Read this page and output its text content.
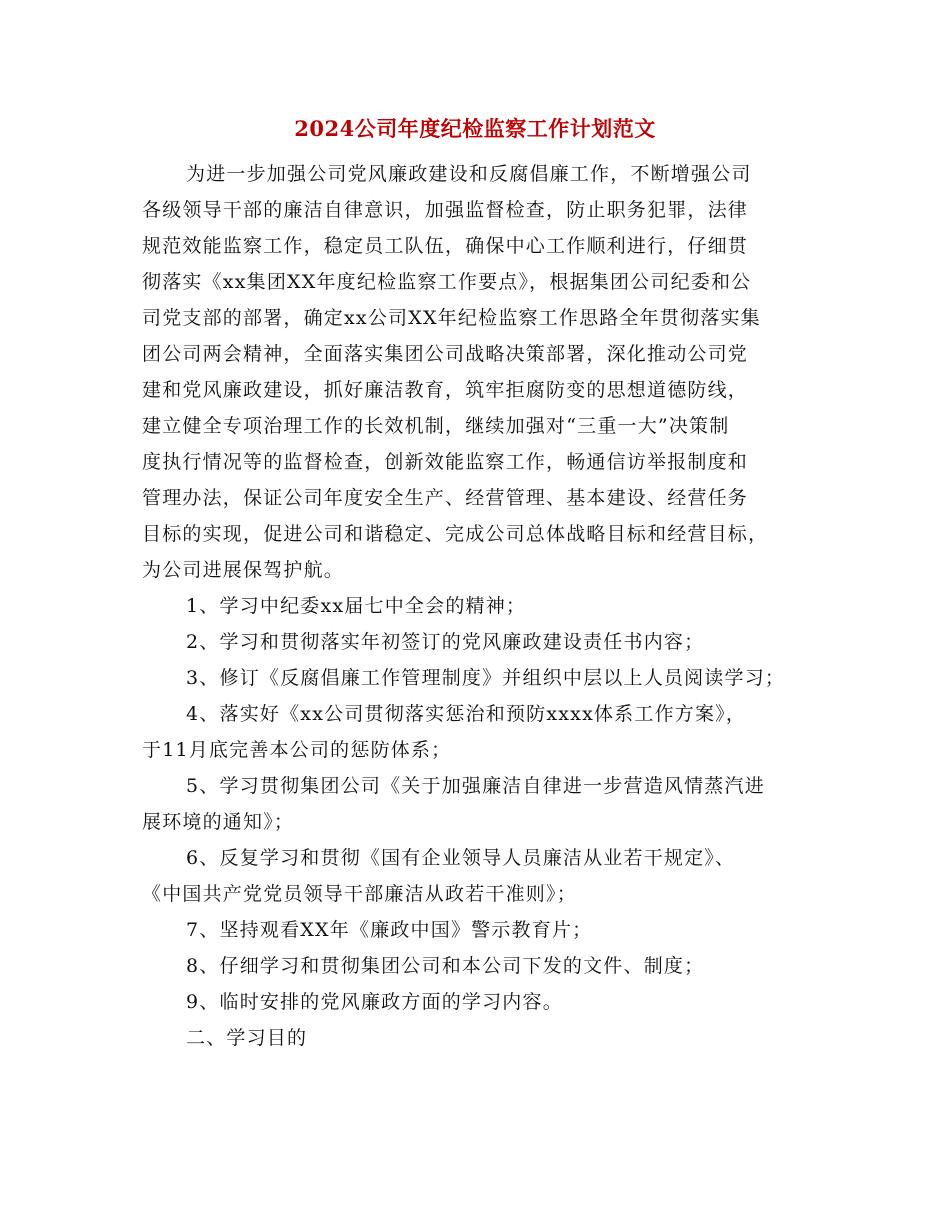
2024公司年度纪检监察工作计划范文
为进一步加强公司党风廉政建设和反腐倡廉工作，不断增强公司
各级领导干部的廉洁自律意识，加强监督检查，防止职务犯罪，法律
规范效能监察工作，稳定员工队伍，确保中心工作顺利进行，仔细贯
彻落实《xx集团XX年度纪检监察工作要点》，根据集团公司纪委和公
司党支部的部署，确定xx公司XX年纪检监察工作思路全年贯彻落实集
团公司两会精神，全面落实集团公司战略决策部署，深化推动公司党
建和党风廉政建设，抓好廉洁教育，筑牢拒腐防变的思想道德防线，
建立健全专项治理工作的长效机制，继续加强对“三重一大”决策制
度执行情况等的监督检查，创新效能监察工作，畅通信访举报制度和
管理办法，保证公司年度安全生产、经营管理、基本建设、经营任务
目标的实现，促进公司和谐稳定、完成公司总体战略目标和经营目标，
为公司进展保驾护航。
1、学习中纪委xx届七中全会的精神；
2、学习和贯彻落实年初签订的党风廉政建设责任书内容；
3、修订《反腐倡廉工作管理制度》并组织中层以上人员阅读学习；
4、落实好《xx公司贯彻落实惩治和预防xxxx体系工作方案》，
于11月底完善本公司的惩防体系；
5、学习贯彻集团公司《关于加强廉洁自律进一步营造风情蒸汽进
展环境的通知》；
6、反复学习和贯彻《国有企业领导人员廉洁从业若干规定》、
《中国共产党党员领导干部廉洁从政若干准则》；
7、坚持观看XX年《廉政中国》警示教育片；
8、仔细学习和贯彻集团公司和本公司下发的文件、制度；
9、临时安排的党风廉政方面的学习内容。
二、学习目的
